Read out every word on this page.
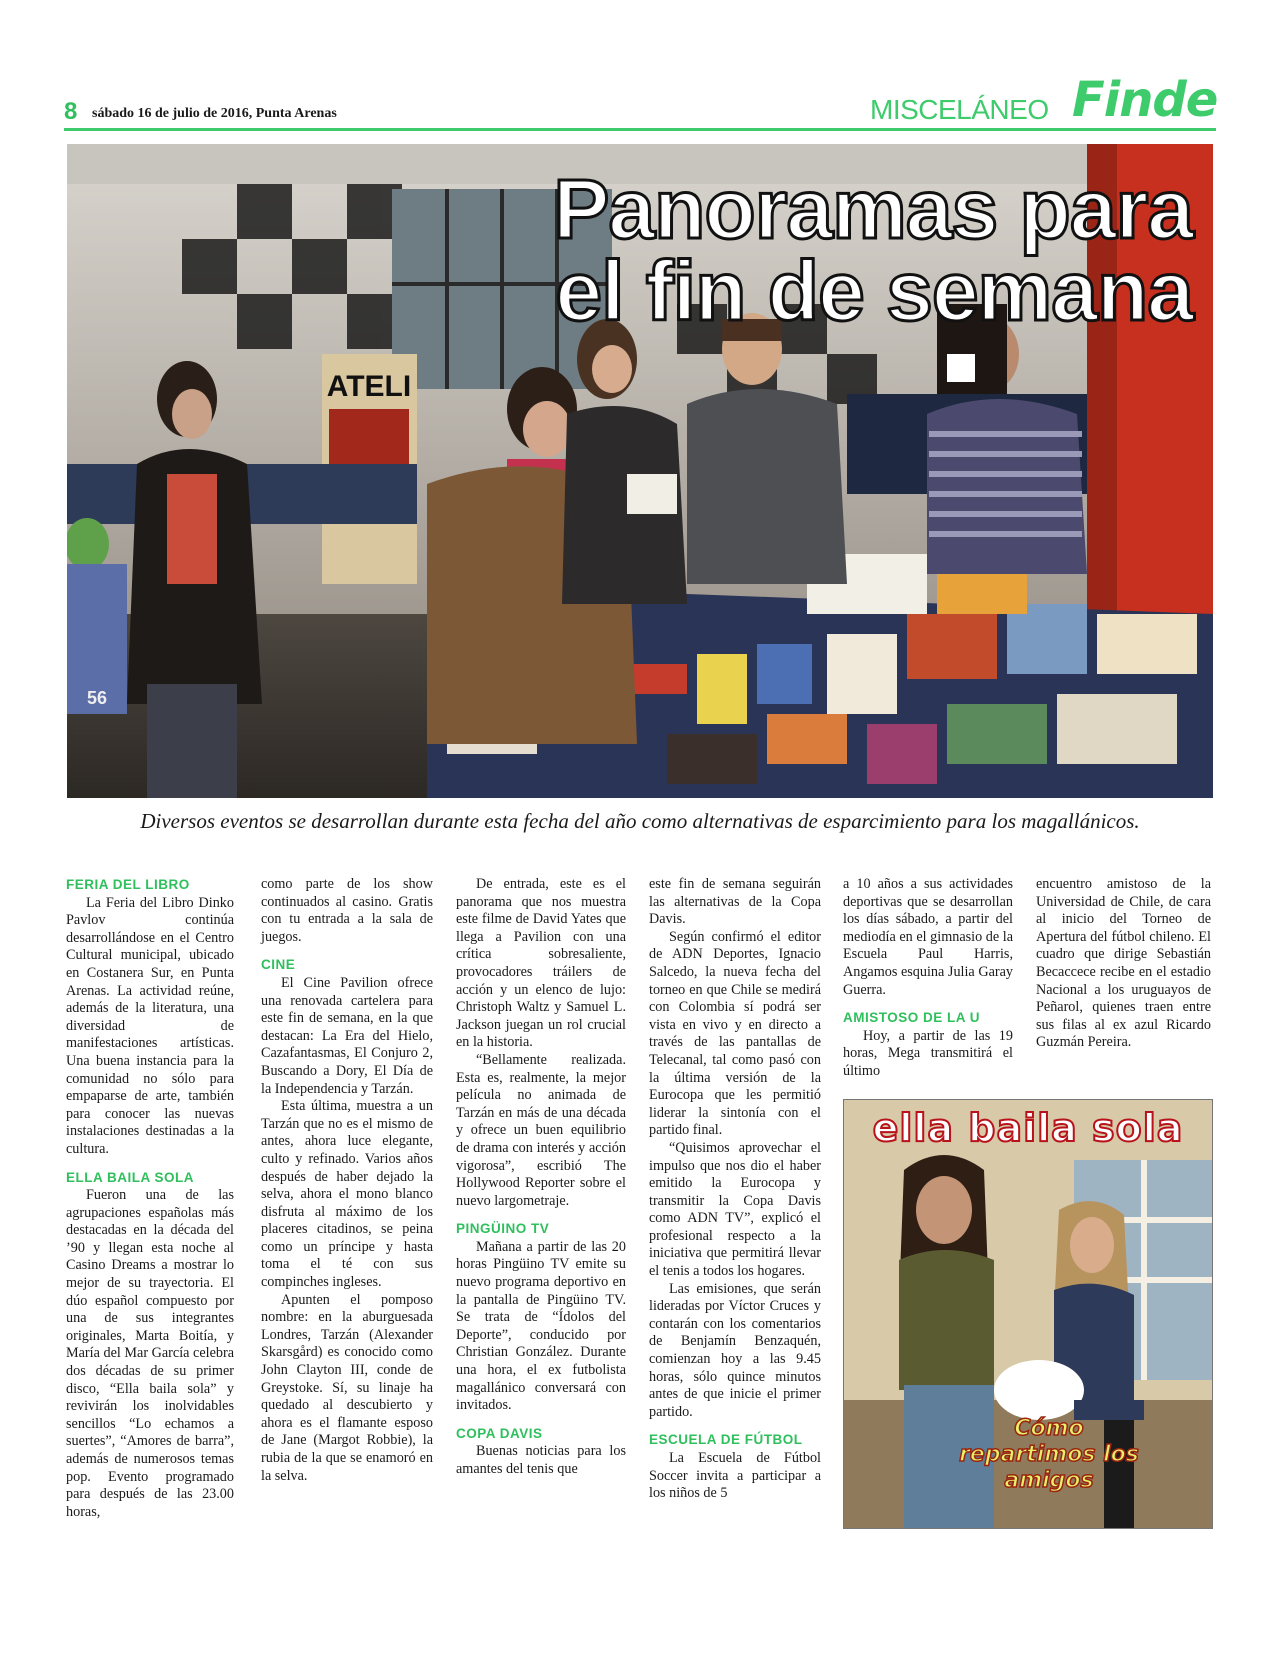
8 sábado 16 de julio de 2016, Punta Arenas	MISCELÁNEO Finde
ATELI
56
Panoramas para
el fin de semana
Diversos eventos se desarrollan durante esta fecha del año como alternativas de esparcimiento para los magallánicos.
FERIA DEL LIBRO

La Feria del Libro Dinko Pavlov continúa desarrollándose en el Centro Cultural municipal, ubicado en Costanera Sur, en Punta Arenas. La actividad reúne, además de la literatura, una diversidad de manifestaciones artísticas. Una buena instancia para la comunidad no sólo para empaparse de arte, también para conocer las nuevas instalaciones destinadas a la cultura.

ELLA BAILA SOLA

Fueron una de las agrupaciones españolas más destacadas en la década del ’90 y llegan esta noche al Casino Dreams a mostrar lo mejor de su trayectoria. El dúo español compuesto por una de sus integrantes originales, Marta Boitía, y María del Mar García celebra dos décadas de su primer disco, “Ella baila sola” y revivirán los inolvidables sencillos “Lo echamos a suertes”, “Amores de barra”, además de numerosos temas pop. Evento programado para después de las 23.00 horas,

como parte de los show continuados al casino. Gratis con tu entrada a la sala de juegos.

CINE

El Cine Pavilion ofrece una renovada cartelera para este fin de semana, en la que destacan: La Era del Hielo, Cazafantasmas, El Conjuro 2, Buscando a Dory, El Día de la Independencia y Tarzán.

Esta última, muestra a un Tarzán que no es el mismo de antes, ahora luce elegante, culto y refinado. Varios años después de haber dejado la selva, ahora el mono blanco disfruta al máximo de los placeres citadinos, se peina como un príncipe y hasta toma el té con sus compinches ingleses.

Apunten el pomposo nombre: en la aburguesada Londres, Tarzán (Alexander Skarsgård) es conocido como John Clayton III, conde de Greystoke. Sí, su linaje ha quedado al descubierto y ahora es el flamante esposo de Jane (Margot Robbie), la rubia de la que se enamoró en la selva.

De entrada, este es el panorama que nos muestra este filme de David Yates que llega a Pavilion con una crítica sobresaliente, provocadores tráilers de acción y un elenco de lujo: Christoph Waltz y Samuel L. Jackson juegan un rol crucial en la historia.

“Bellamente realizada. Esta es, realmente, la mejor película no animada de Tarzán en más de una década y ofrece un buen equilibrio de drama con interés y acción vigorosa”, escribió The Hollywood Reporter sobre el nuevo largometraje.

PINGÜINO TV

Mañana a partir de las 20 horas Pingüino TV emite su nuevo programa deportivo en la pantalla de Pingüino TV. Se trata de “Ídolos del Deporte”, conducido por Christian González. Durante una hora, el ex futbolista magallánico conversará con invitados.

COPA DAVIS

Buenas noticias para los amantes del tenis que

este fin de semana seguirán las alternativas de la Copa Davis.

Según confirmó el editor de ADN Deportes, Ignacio Salcedo, la nueva fecha del torneo en que Chile se medirá con Colombia sí podrá ser vista en vivo y en directo a través de las pantallas de Telecanal, tal como pasó con la última versión de la Eurocopa que les permitió liderar la sintonía con el partido final.

“Quisimos aprovechar el impulso que nos dio el haber emitido la Eurocopa y transmitir la Copa Davis como ADN TV”, explicó el profesional respecto a la iniciativa que permitirá llevar el tenis a todos los hogares.

Las emisiones, que serán lideradas por Víctor Cruces y contarán con los comentarios de Benjamín Benzaquén, comienzan hoy a las 9.45 horas, sólo quince minutos antes de que inicie el primer partido.

ESCUELA DE FÚTBOL

La Escuela de Fútbol Soccer invita a participar a los niños de 5

a 10 años a sus actividades deportivas que se desarrollan los días sábado, a partir del mediodía en el gimnasio de la Escuela Paul Harris, Angamos esquina Julia Garay Guerra.

AMISTOSO DE LA U

Hoy, a partir de las 19 horas, Mega transmitirá el último

encuentro amistoso de la Universidad de Chile, de cara al inicio del Torneo de Apertura del fútbol chileno. El cuadro que dirige Sebastián Becaccece recibe en el estadio Nacional a los uruguayos de Peñarol, quienes traen entre sus filas al ex azul Ricardo Guzmán Pereira.

ella baila sola
Cómo repartimos los amigos
